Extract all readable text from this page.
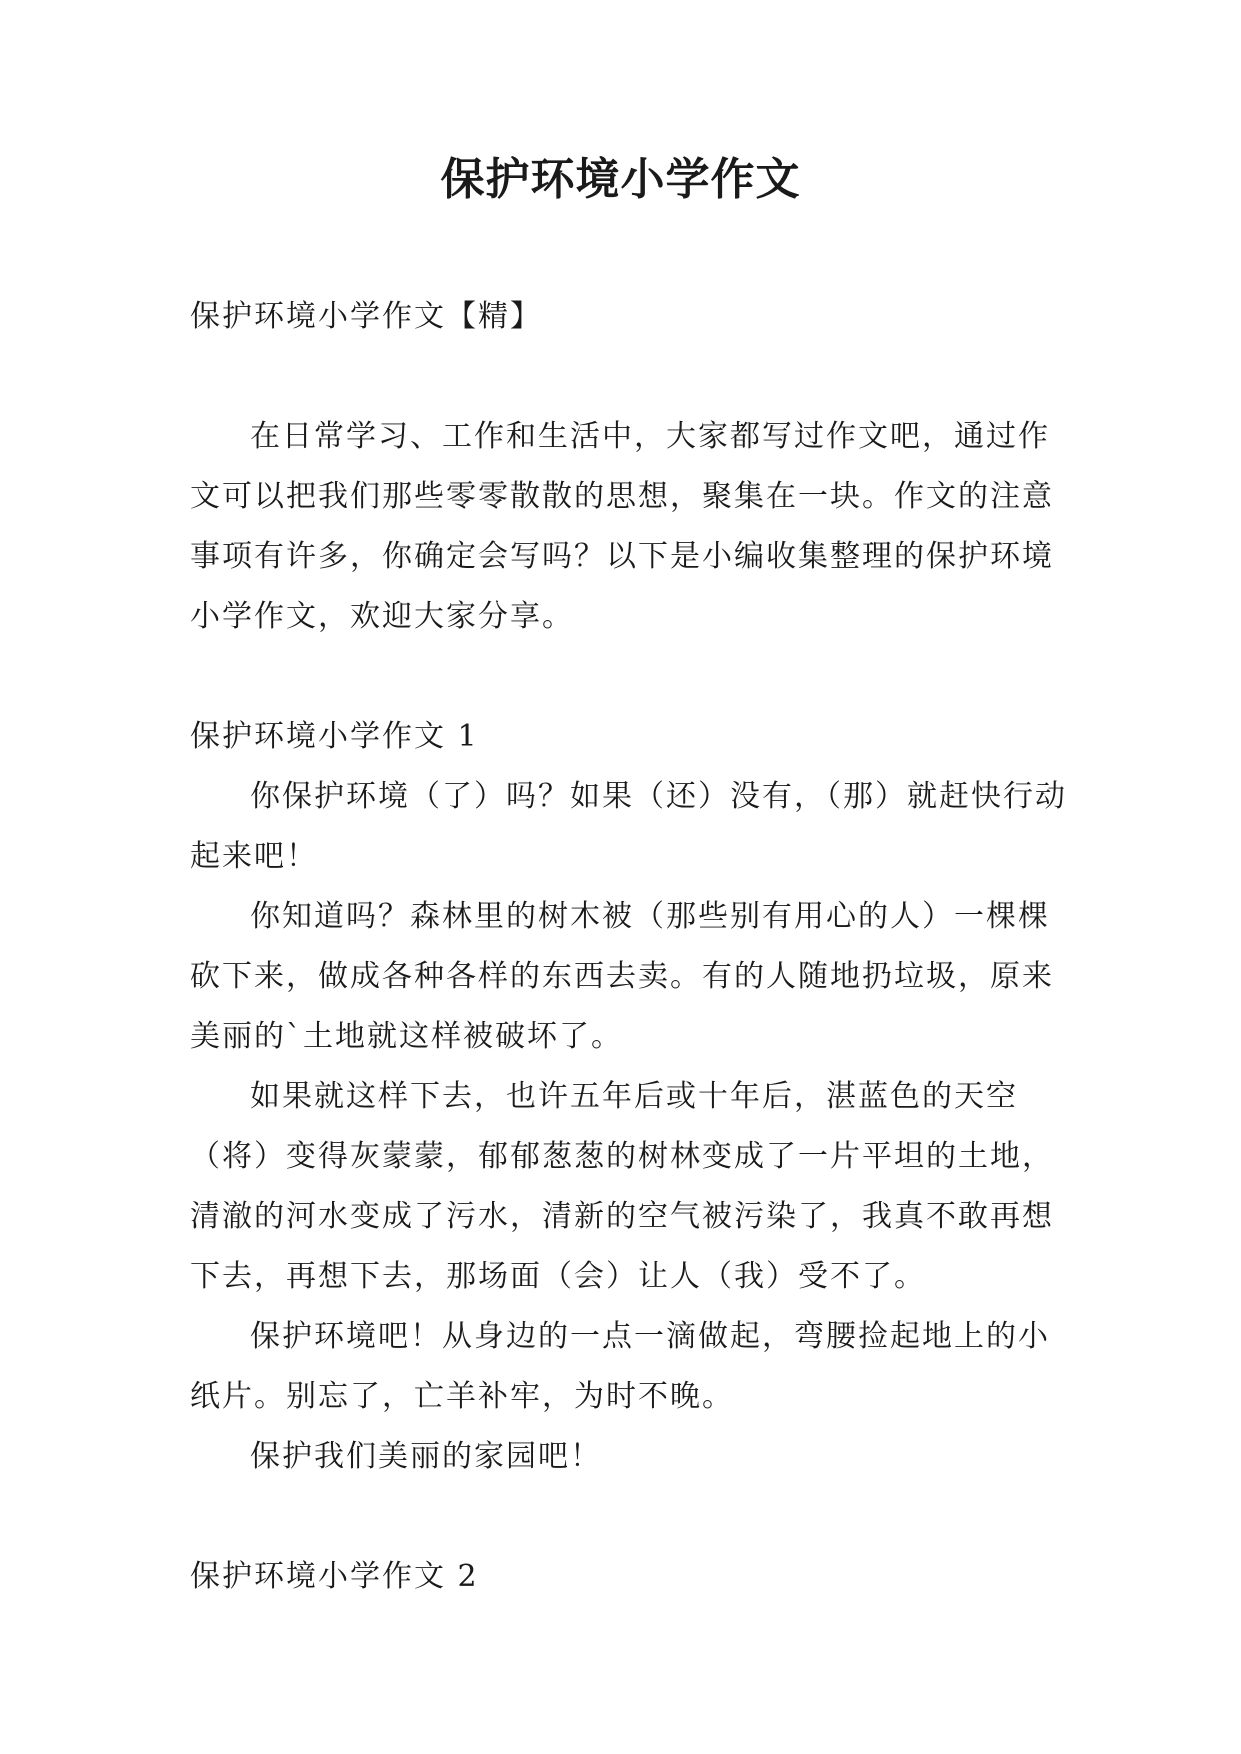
保护环境小学作文

保护环境小学作文【精】

在日常学习、工作和生活中，大家都写过作文吧，通过作文可以把我们那些零零散散的思想，聚集在一块。作文的注意事项有许多，你确定会写吗？以下是小编收集整理的保护环境小学作文，欢迎大家分享。

保护环境小学作文 1

你保护环境（了）吗？如果（还）没有，（那）就赶快行动起来吧！

你知道吗？森林里的树木被（那些别有用心的人）一棵棵砍下来，做成各种各样的东西去卖。有的人随地扔垃圾，原来美丽的`土地就这样被破坏了。

如果就这样下去，也许五年后或十年后，湛蓝色的天空（将）变得灰蒙蒙，郁郁葱葱的树林变成了一片平坦的土地，清澈的河水变成了污水，清新的空气被污染了，我真不敢再想下去，再想下去，那场面（会）让人（我）受不了。

保护环境吧！从身边的一点一滴做起，弯腰捡起地上的小纸片。别忘了，亡羊补牢，为时不晚。

保护我们美丽的家园吧！

保护环境小学作文 2
